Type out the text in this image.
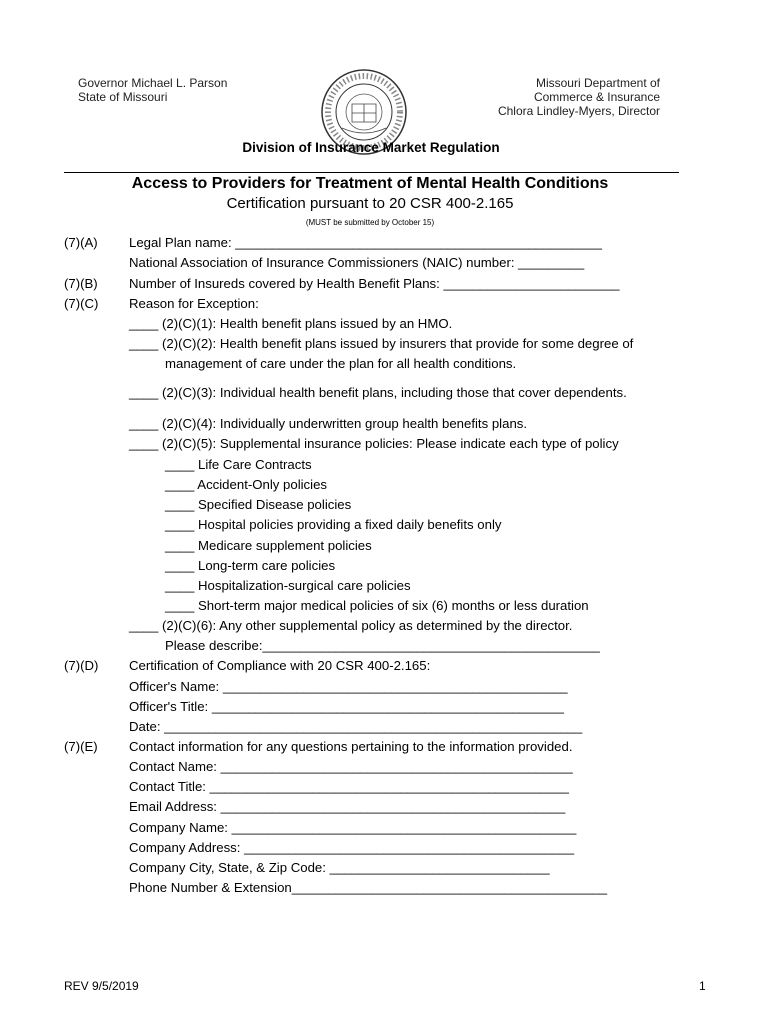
Governor Michael L. Parson
State of Missouri
Missouri Department of
Commerce & Insurance
Chlora Lindley-Myers, Director
Division of Insurance Market Regulation
Access to Providers for Treatment of Mental Health Conditions
Certification pursuant to 20 CSR 400-2.165
(MUST be submitted by October 15)
(7)(A)
(7)(B)
(7)(C)
(7)(D)
(7)(E)
Legal Plan name: __________________________________________________
National Association of Insurance Commissioners (NAIC) number: _________
Number of Insureds covered by Health Benefit Plans: ________________________
Reason for Exception:
____ (2)(C)(1): Health benefit plans issued by an HMO.
____ (2)(C)(2): Health benefit plans issued by insurers that provide for some degree of
management of care under the plan for all health conditions.
____ (2)(C)(3): Individual health benefit plans, including those that cover dependents.
____ (2)(C)(4): Individually underwritten group health benefits plans.
____ (2)(C)(5): Supplemental insurance policies: Please indicate each type of policy
____ Life Care Contracts
____ Accident-Only policies
____ Specified Disease policies
____ Hospital policies providing a fixed daily benefits only
____ Medicare supplement policies
____ Long-term care policies
____ Hospitalization-surgical care policies
____ Short-term major medical policies of six (6) months or less duration
____ (2)(C)(6): Any other supplemental policy as determined by the director.
Please describe:______________________________________________
Certification of Compliance with 20 CSR 400-2.165:
Officer's Name: _______________________________________________
Officer's Title: ________________________________________________
Date: _________________________________________________________
Contact information for any questions pertaining to the information provided.
Contact Name: ________________________________________________
Contact Title: _________________________________________________
Email Address: _______________________________________________
Company Name: _______________________________________________
Company Address: _____________________________________________
Company City, State, & Zip Code: ______________________________
Phone Number & Extension___________________________________________
REV 9/5/2019	1
